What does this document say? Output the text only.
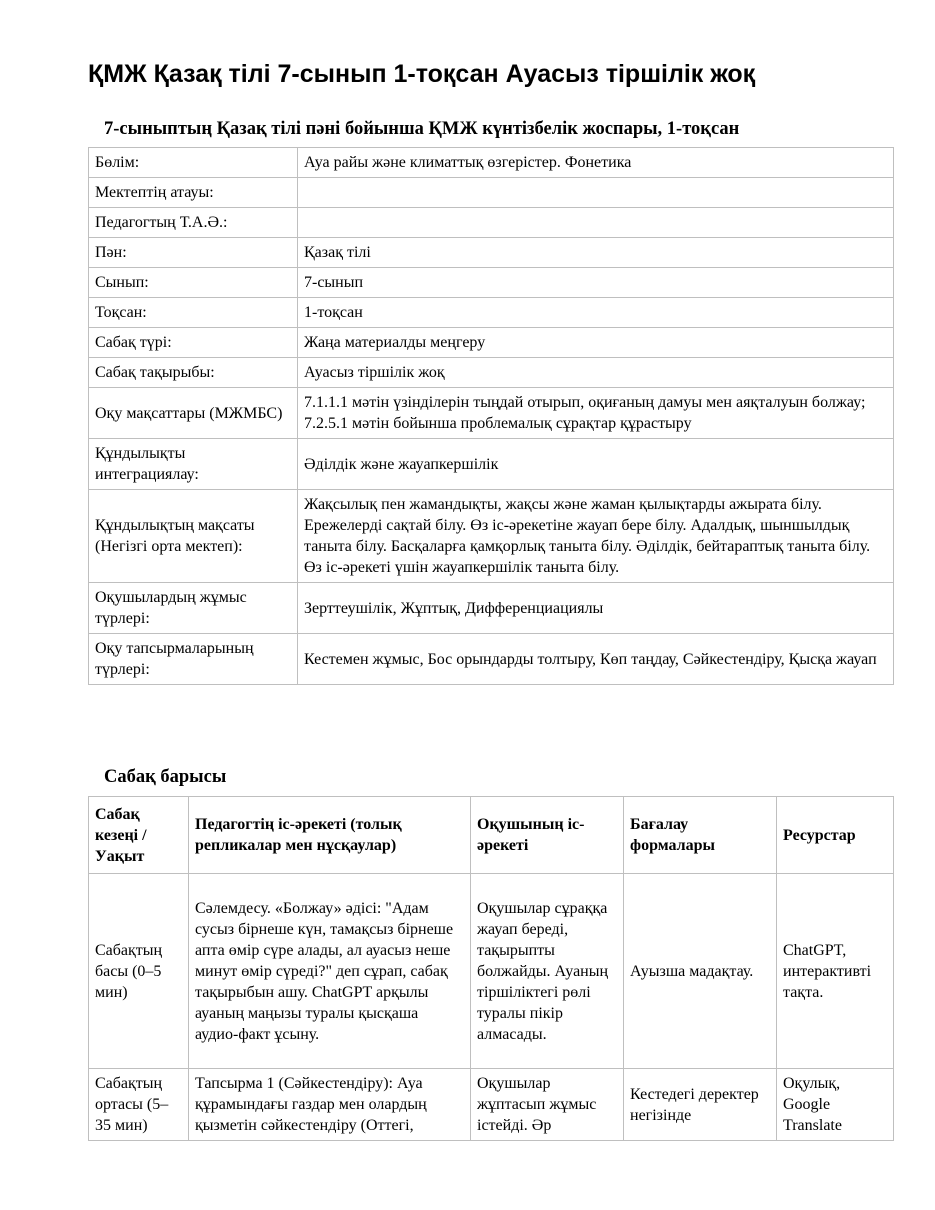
ҚМЖ Қазақ тілі 7-сынып 1-тоқсан Ауасыз тіршілік жоқ
7-сыныптың Қазақ тілі пәні бойынша ҚМЖ күнтізбелік жоспары, 1-тоқсан
Бөлім:	Ауа райы және климаттық өзгерістер. Фонетика
Мектептің атауы:	
Педагогтың Т.А.Ә.:	
Пән:	Қазақ тілі
Сынып:	7-сынып
Тоқсан:	1-тоқсан
Сабақ түрі:	Жаңа материалды меңгеру
Сабақ тақырыбы:	Ауасыз тіршілік жоқ
Оқу мақсаттары (МЖМБС)	7.1.1.1 мәтін үзінділерін тыңдай отырып, оқиғаның дамуы мен аяқталуын болжау; 7.2.5.1 мәтін бойынша проблемалық сұрақтар құрастыру
Құндылықты интеграциялау:	Әділдік және жауапкершілік
Құндылықтың мақсаты (Негізгі орта мектеп):	Жақсылық пен жамандықты, жақсы және жаман қылықтарды ажырата білу. Ережелерді сақтай білу. Өз іс-әрекетіне жауап бере білу. Адалдық, шыншылдық таныта білу. Басқаларға қамқорлық таныта білу. Әділдік, бейтараптық таныта білу. Өз іс-әрекеті үшін жауапкершілік таныта білу.
Оқушылардың жұмыс түрлері:	Зерттеушілік, Жұптық, Дифференциациялы
Оқу тапсырмаларының түрлері:	Кестемен жұмыс, Бос орындарды толтыру, Көп таңдау, Сәйкестендіру, Қысқа жауап
Сабақ барысы
Сабақ кезеңі / Уақыт	Педагогтің іс-әрекеті (толық репликалар мен нұсқаулар)	Оқушының іс-әрекеті	Бағалау формалары	Ресурстар
Сабақтың басы (0–5 мин)	Сәлемдесу. «Болжау» әдісі: "Адам сусыз бірнеше күн, тамақсыз бірнеше апта өмір сүре алады, ал ауасыз неше минут өмір сүреді?" деп сұрап, сабақ тақырыбын ашу. ChatGPT арқылы ауаның маңызы туралы қысқаша аудио-факт ұсыну.	Оқушылар сұраққа жауап береді, тақырыпты болжайды. Ауаның тіршіліктегі рөлі туралы пікір алмасады.	Ауызша мадақтау.	ChatGPT, интерактивті тақта.
Сабақтың ортасы (5–35 мин)	Тапсырма 1 (Сәйкестендіру): Ауа құрамындағы газдар мен олардың қызметін сәйкестендіру (Оттегі,	Оқушылар жұптасып жұмыс істейді. Әр	Кестедегі деректер негізінде	Оқулық, Google Translate
